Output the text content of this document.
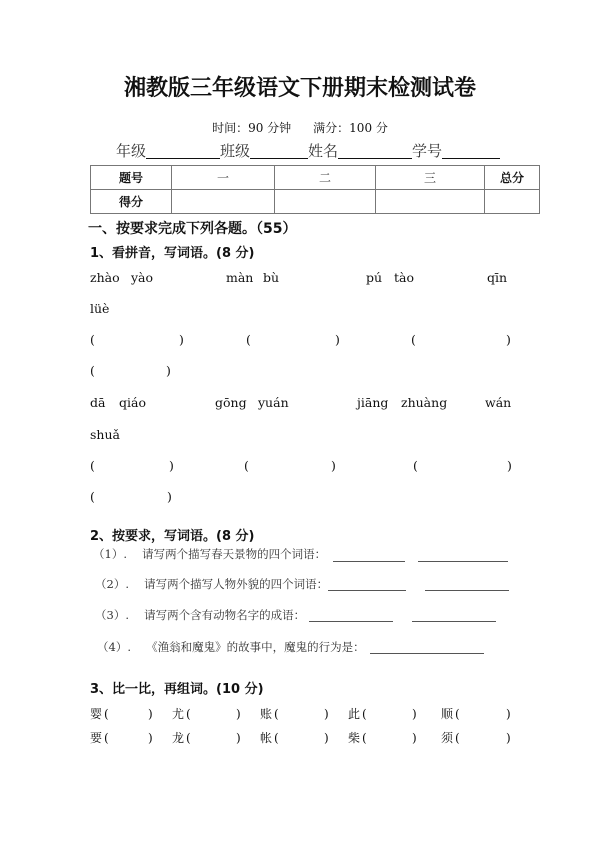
湘教版三年级语文下册期末检测试卷
时间：90 分钟 满分：100 分
年级	班级	姓名	学号
题号	一	二	三	总分
得分				
一、按要求完成下列各题。（55）
1、看拼音，写词语。(8 分)
zhào yào	màn bù	pú tào	qīn
lüè
(	)	(	)	(	)
(	)
dā qiáo	gōng yuán	jiāng zhuàng	wán
shuǎ
(	)	(	)	(	)
(	)
2、按要求，写词语。(8 分)
（1）.　 请写两个描写春天景物的四个词语：
（2）.　 请写两个描写人物外貌的四个词语：
（3）.　 请写两个含有动物名字的成语：
（4）.　 《渔翁和魔鬼》的故事中，魔鬼的行为是：
3、比一比，再组词。(10 分)
婴 (	) 尤 (	) 账 (	) 此 (	) 顺 (	)
要 (	) 龙 (	) 帐 (	) 柴 (	) 须 (	)
